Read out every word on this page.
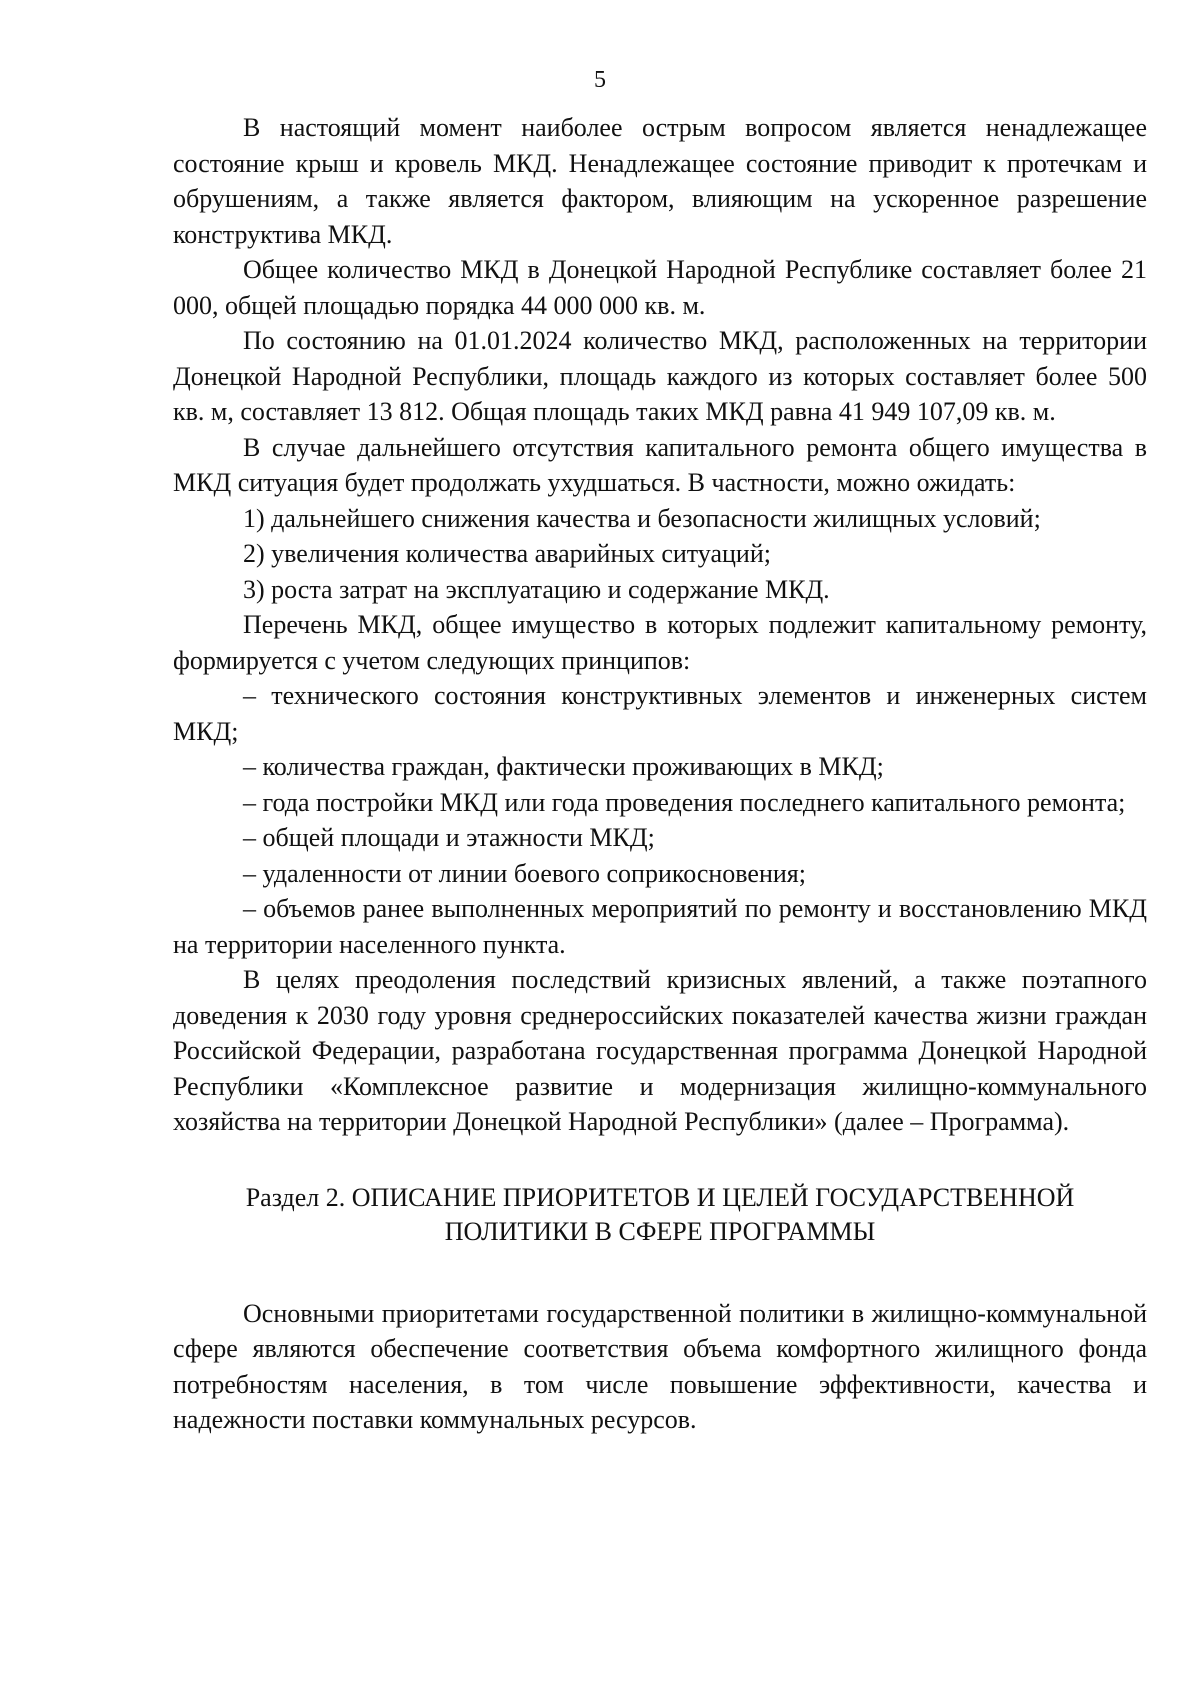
5

В настоящий момент наиболее острым вопросом является ненадлежащее состояние крыш и кровель МКД. Ненадлежащее состояние приводит к протечкам и обрушениям, а также является фактором, влияющим на ускоренное разрешение конструктива МКД.

Общее количество МКД в Донецкой Народной Республике составляет более 21 000, общей площадью порядка 44 000 000 кв. м.

По состоянию на 01.01.2024 количество МКД, расположенных на территории Донецкой Народной Республики, площадь каждого из которых составляет более 500 кв. м, составляет 13 812. Общая площадь таких МКД равна 41 949 107,09 кв. м.

В случае дальнейшего отсутствия капитального ремонта общего имущества в МКД ситуация будет продолжать ухудшаться. В частности, можно ожидать:

1) дальнейшего снижения качества и безопасности жилищных условий;

2) увеличения количества аварийных ситуаций;

3) роста затрат на эксплуатацию и содержание МКД.

Перечень МКД, общее имущество в которых подлежит капитальному ремонту, формируется с учетом следующих принципов:

– технического состояния конструктивных элементов и инженерных систем МКД;

– количества граждан, фактически проживающих в МКД;

– года постройки МКД или года проведения последнего капитального ремонта;

– общей площади и этажности МКД;

– удаленности от линии боевого соприкосновения;

– объемов ранее выполненных мероприятий по ремонту и восстановлению МКД на территории населенного пункта.

В целях преодоления последствий кризисных явлений, а также поэтапного доведения к 2030 году уровня среднероссийских показателей качества жизни граждан Российской Федерации, разработана государственная программа Донецкой Народной Республики «Комплексное развитие и модернизация жилищно-коммунального хозяйства на территории Донецкой Народной Республики» (далее – Программа).

Раздел 2. ОПИСАНИЕ ПРИОРИТЕТОВ И ЦЕЛЕЙ ГОСУДАРСТВЕННОЙ
ПОЛИТИКИ В СФЕРЕ ПРОГРАММЫ

Основными приоритетами государственной политики в жилищно-коммунальной сфере являются обеспечение соответствия объема комфортного жилищного фонда потребностям населения, в том числе повышение эффективности, качества и надежности поставки коммунальных ресурсов.
